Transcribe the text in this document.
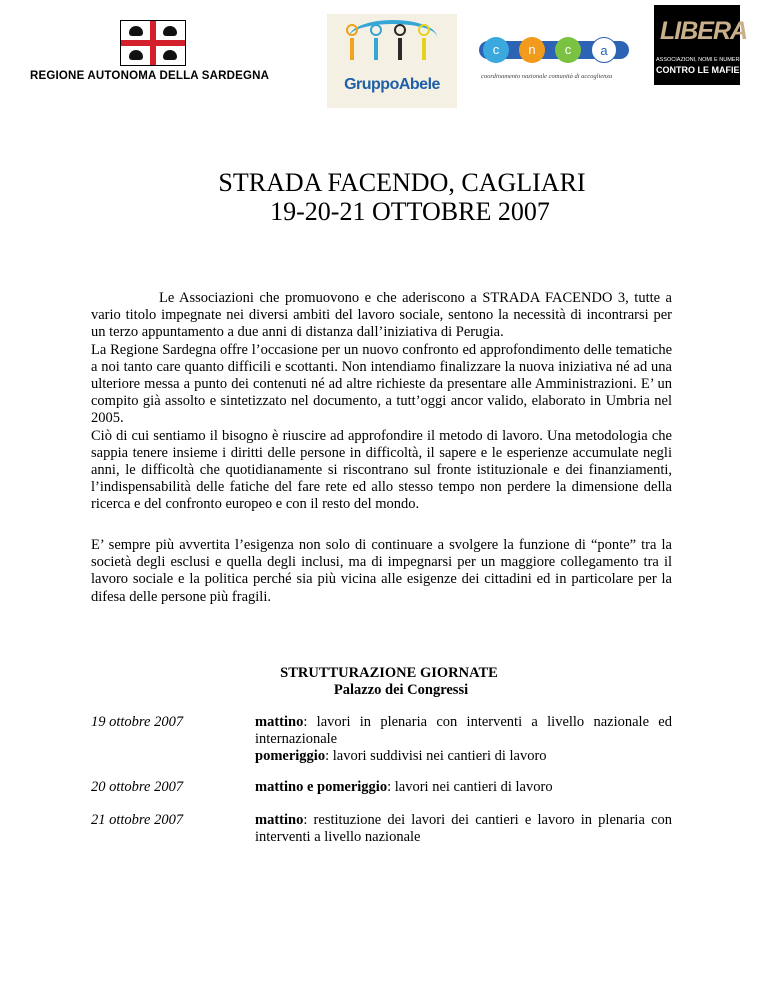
REGIONE AUTONOMA DELLA SARDEGNA	GruppoAbele
c	n	c	a
coordinamento nazionale comunità di accoglienza
LIBERA
ASSOCIAZIONI, NOMI E NUMERI
CONTRO LE MAFIE
STRADA FACENDO, CAGLIARI
19-20-21 OTTOBRE 2007

Le Associazioni che promuovono e che aderiscono a STRADA FACENDO 3, tutte a vario titolo impegnate nei diversi ambiti del lavoro sociale, sentono la necessità di incontrarsi per un terzo appuntamento a due anni di distanza dall’iniziativa di Perugia.

La Regione Sardegna offre l’occasione per un nuovo confronto ed approfondimento delle tematiche a noi tanto care quanto difficili e scottanti. Non intendiamo finalizzare la nuova iniziativa né ad una ulteriore messa a punto dei contenuti né ad altre richieste da presentare alle Amministrazioni. E’ un compito già assolto e sintetizzato nel documento, a tutt’oggi ancor valido, elaborato in Umbria nel 2005.

Ciò di cui sentiamo il bisogno è riuscire ad approfondire il metodo di lavoro. Una metodologia che sappia tenere insieme i diritti delle persone in difficoltà, il sapere e le esperienze accumulate negli anni, le difficoltà che quotidianamente si riscontrano sul fronte istituzionale e dei finanziamenti, l’indispensabilità delle fatiche del fare rete ed allo stesso tempo non perdere la dimensione della ricerca e del confronto europeo e con il resto del mondo.

E’ sempre più avvertita l’esigenza non solo di continuare a svolgere la funzione di “ponte” tra la società degli esclusi e quella degli inclusi, ma di impegnarsi per un maggiore collegamento tra il lavoro sociale e la politica perché sia più vicina alle esigenze dei cittadini ed in particolare per la difesa delle persone più fragili.
STRUTTURAZIONE GIORNATE
Palazzo dei Congressi
19 ottobre 2007	mattino: lavori in plenaria con interventi a livello nazionale ed internazionale
pomeriggio: lavori suddivisi nei cantieri di lavoro
20 ottobre 2007	mattino e pomeriggio: lavori nei cantieri di lavoro
21 ottobre 2007	mattino: restituzione dei lavori dei cantieri e lavoro in plenaria con interventi a livello nazionale
